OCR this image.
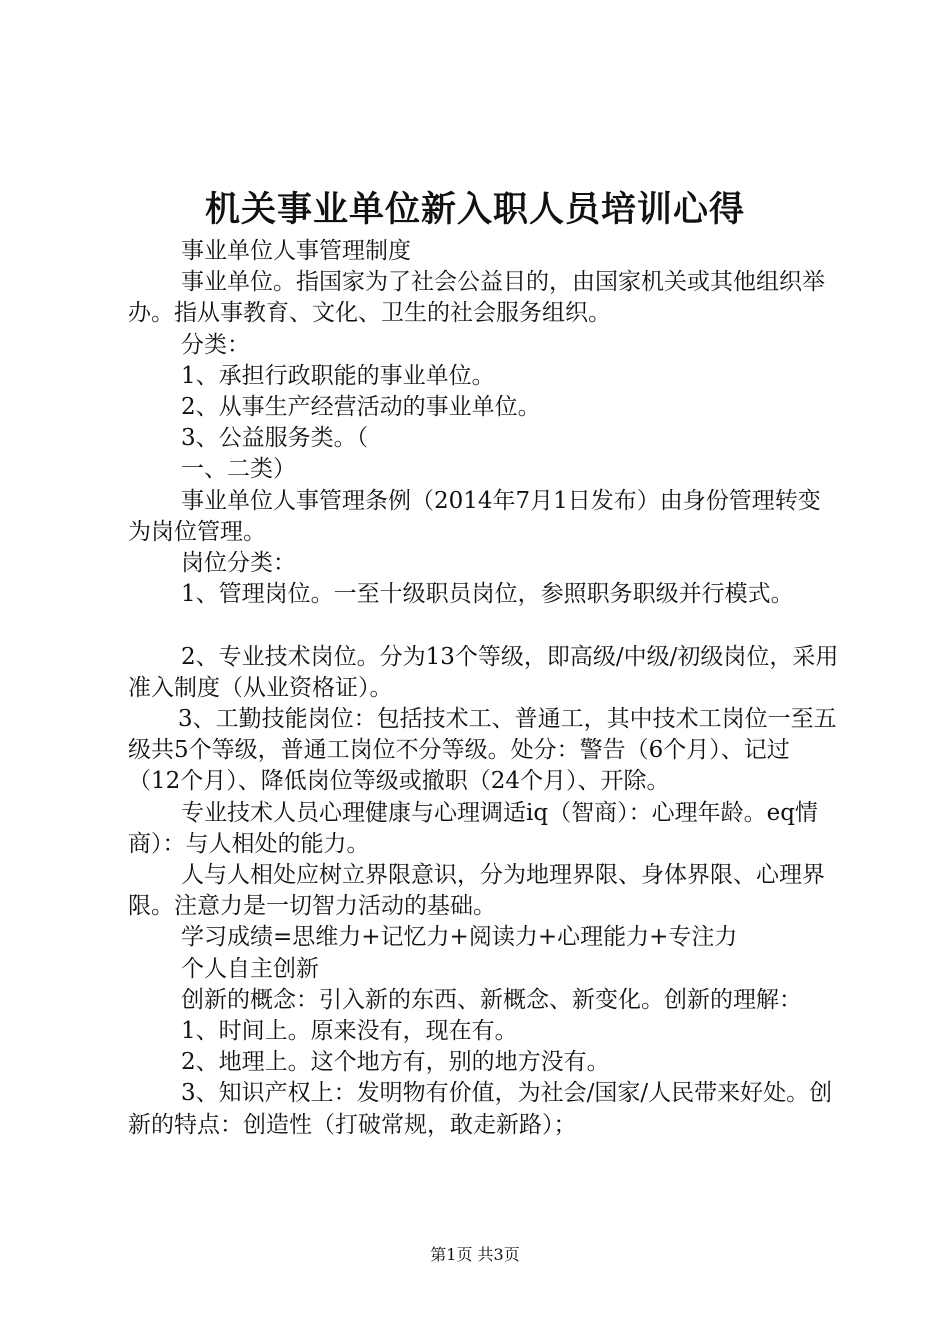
机关事业单位新入职人员培训心得

事业单位人事管理制度

事业单位。指国家为了社会公益目的，由国家机关或其他组织举办。指从事教育、文化、卫生的社会服务组织。

分类：

1、承担行政职能的事业单位。

2、从事生产经营活动的事业单位。

3、公益服务类。（

一、二类）

事业单位人事管理条例（2014年7月1日发布）由身份管理转变为岗位管理。

岗位分类：

1、管理岗位。一至十级职员岗位，参照职务职级并行模式。

2、专业技术岗位。分为13个等级，即高级/中级/初级岗位，采用准入制度（从业资格证）。

3、工勤技能岗位：包括技术工、普通工，其中技术工岗位一至五级共5个等级，普通工岗位不分等级。处分：警告（6个月）、记过（12个月）、降低岗位等级或撤职（24个月）、开除。

专业技术人员心理健康与心理调适iq（智商）：心理年龄。eq情商）：与人相处的能力。

人与人相处应树立界限意识，分为地理界限、身体界限、心理界限。注意力是一切智力活动的基础。

学习成绩=思维力+记忆力+阅读力+心理能力+专注力

个人自主创新

创新的概念：引入新的东西、新概念、新变化。创新的理解：

1、时间上。原来没有，现在有。

2、地理上。这个地方有，别的地方没有。

3、知识产权上：发明物有价值，为社会/国家/人民带来好处。创新的特点：创造性（打破常规，敢走新路）；

第1页 共3页
